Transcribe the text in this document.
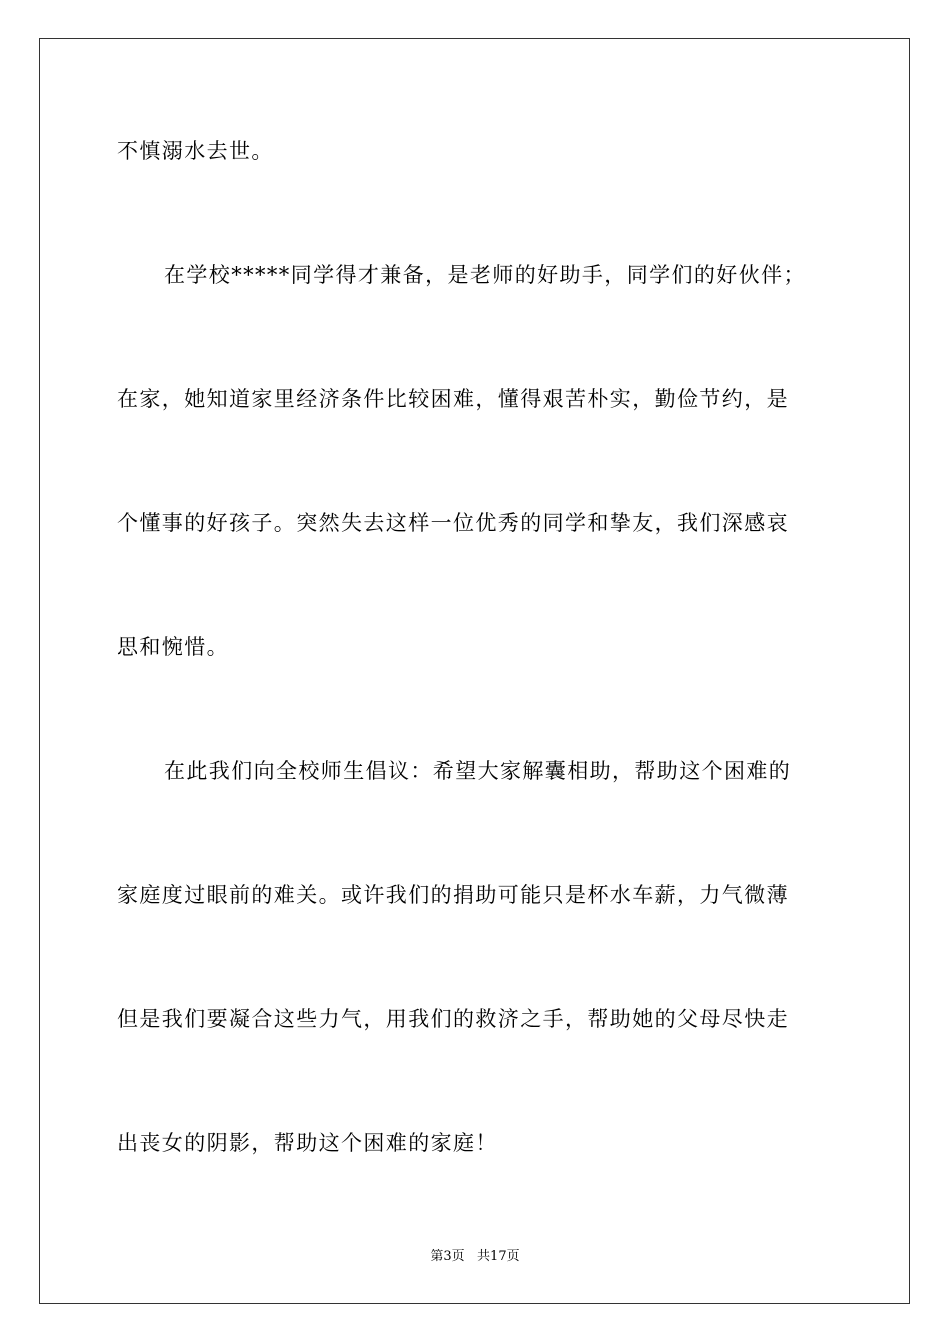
不慎溺水去世。
在学校*****同学得才兼备，是老师的好助手，同学们的好伙伴；
在家，她知道家里经济条件比较困难，懂得艰苦朴实，勤俭节约，是
个懂事的好孩子。突然失去这样一位优秀的同学和挚友，我们深感哀
思和惋惜。
在此我们向全校师生倡议：希望大家解囊相助，帮助这个困难的
家庭度过眼前的难关。或许我们的捐助可能只是杯水车薪，力气微薄
但是我们要凝合这些力气，用我们的救济之手，帮助她的父母尽快走
出丧女的阴影，帮助这个困难的家庭！
第3页   共17页
